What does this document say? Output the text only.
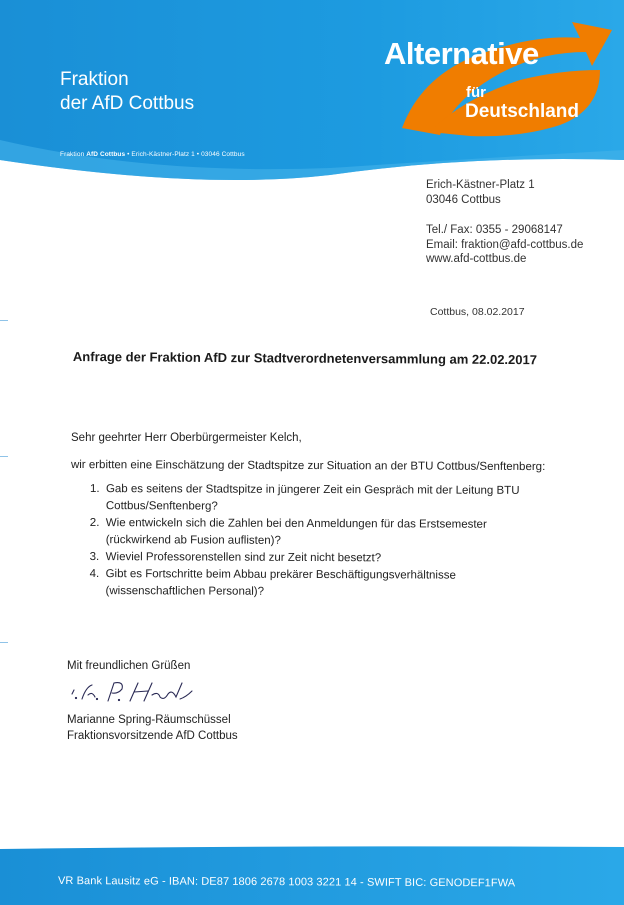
Fraktion
der AfD Cottbus
Fraktion AfD Cottbus • Erich-Kästner-Platz 1 • 03046 Cottbus
Alternative
für
Deutschland
Erich-Kästner-Platz 1
03046 Cottbus
Tel./ Fax: 0355 - 29068147
Email: fraktion@afd-cottbus.de
www.afd-cottbus.de
Cottbus, 08.02.2017
Anfrage der Fraktion AfD zur Stadtverordnetenversammlung am 22.02.2017
Sehr geehrter Herr Oberbürgermeister Kelch,
wir erbitten eine Einschätzung der Stadtspitze zur Situation an der BTU Cottbus/Senftenberg:
1. Gab es seitens der Stadtspitze in jüngerer Zeit ein Gespräch mit der Leitung BTU
Cottbus/Senftenberg?
2. Wie entwickeln sich die Zahlen bei den Anmeldungen für das Erstsemester
(rückwirkend ab Fusion auflisten)?
3. Wieviel Professorenstellen sind zur Zeit nicht besetzt?
4. Gibt es Fortschritte beim Abbau prekärer Beschäftigungsverhältnisse
(wissenschaftlichen Personal)?
Mit freundlichen Grüßen
Marianne Spring-Räumschüssel
Fraktionsvorsitzende AfD Cottbus
VR Bank Lausitz eG - IBAN: DE87 1806 2678 1003 3221 14 - SWIFT BIC: GENODEF1FWA
